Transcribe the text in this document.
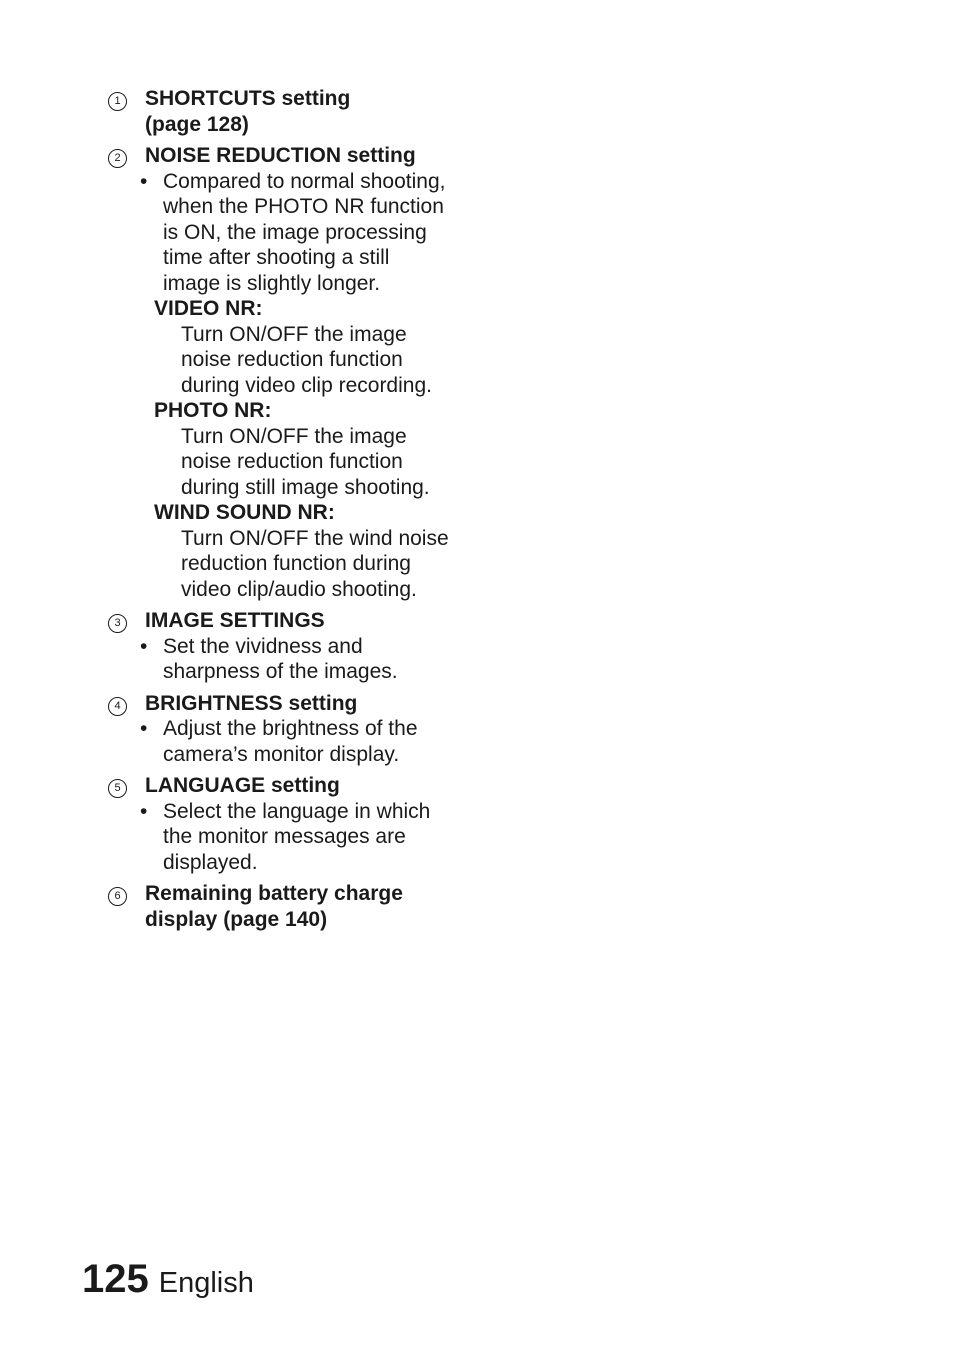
1	SHORTCUTS setting
(page 128)
2	NOISE REDUCTION setting
• Compared to normal shooting,
when the PHOTO NR function
is ON, the image processing
time after shooting a still
image is slightly longer.
VIDEO NR:
Turn ON/OFF the image
noise reduction function
during video clip recording.
PHOTO NR:
Turn ON/OFF the image
noise reduction function
during still image shooting.
WIND SOUND NR:
Turn ON/OFF the wind noise
reduction function during
video clip/audio shooting.
3	IMAGE SETTINGS
• Set the vividness and
sharpness of the images.
4	BRIGHTNESS setting
• Adjust the brightness of the
camera’s monitor display.
5	LANGUAGE setting
• Select the language in which
the monitor messages are
displayed.
6	Remaining battery charge
display (page 140)
125 English
